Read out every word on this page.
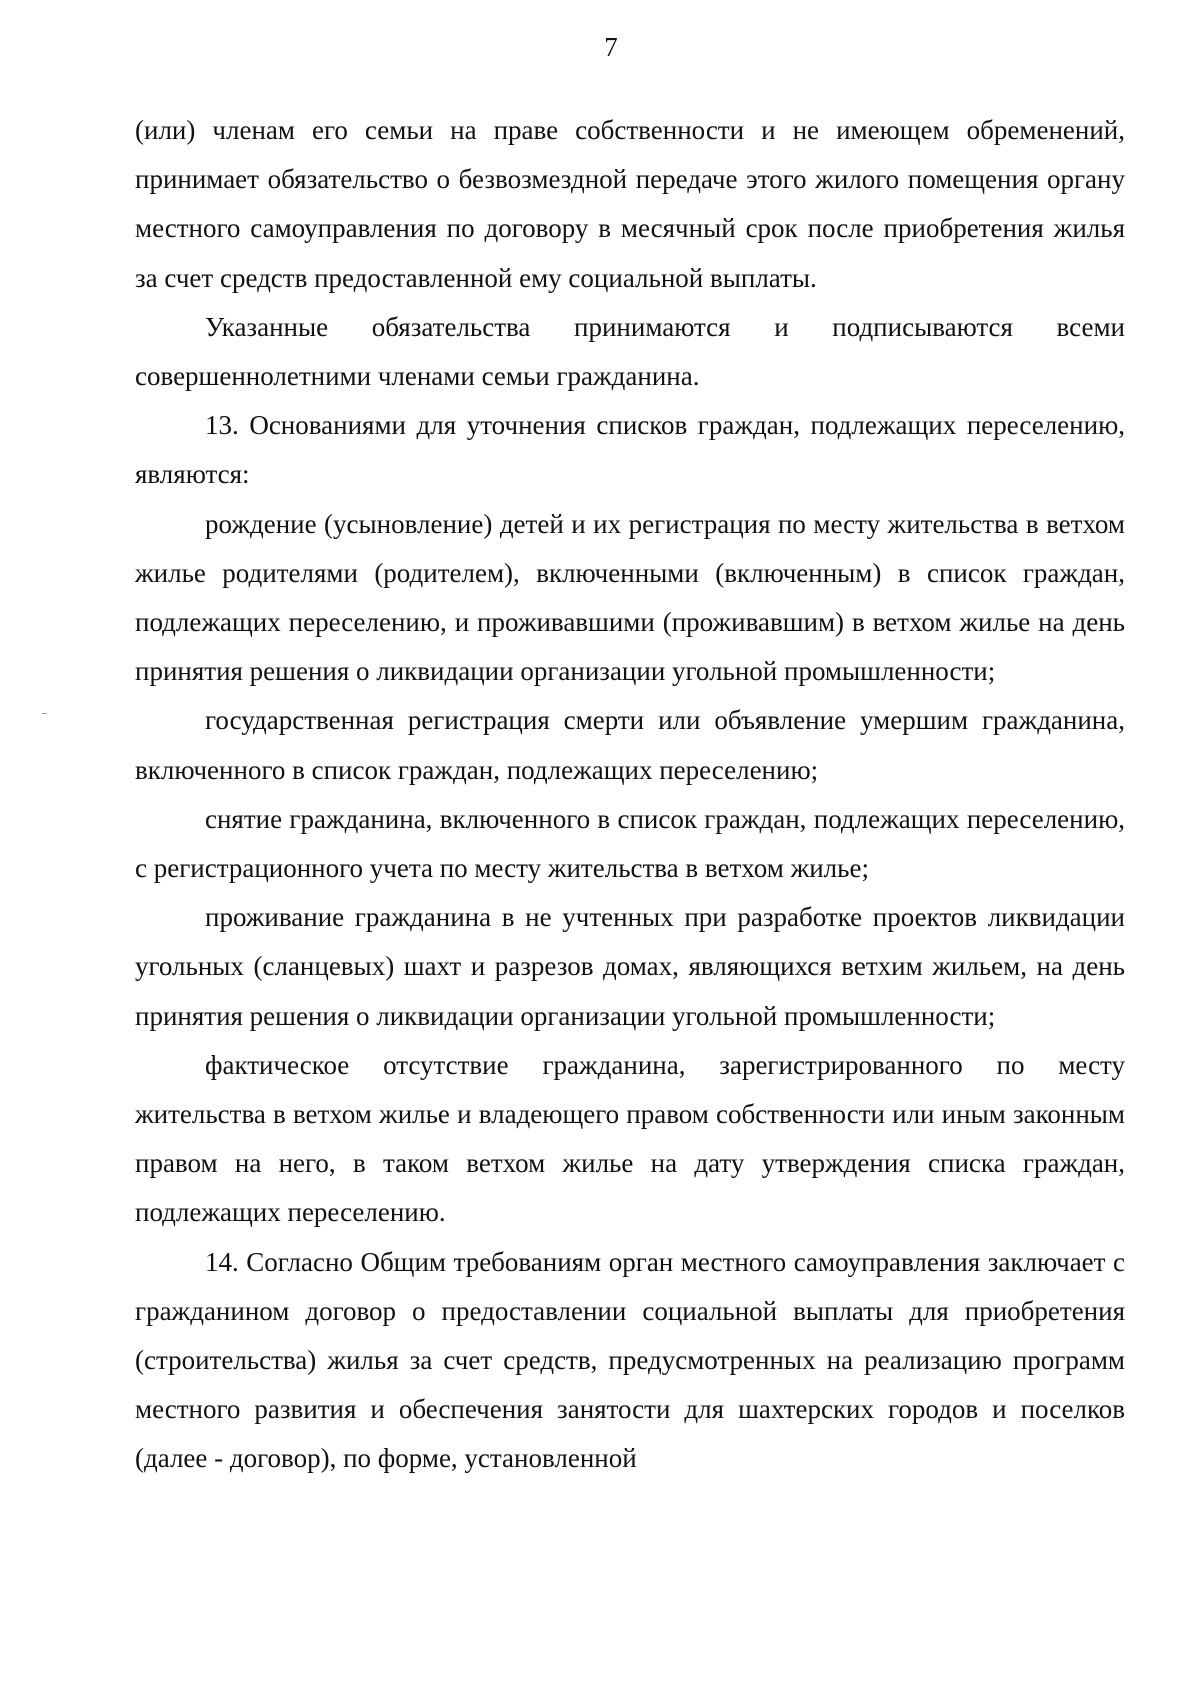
7

(или) членам его семьи на праве собственности и не имеющем обременений, принимает обязательство о безвозмездной передаче этого жилого помещения органу местного самоуправления по договору в месячный срок после приобретения жилья за счет средств предоставленной ему социальной выплаты.

Указанные обязательства принимаются и подписываются всеми совершеннолетними членами семьи гражданина.

13. Основаниями для уточнения списков граждан, подлежащих переселению, являются:

рождение (усыновление) детей и их регистрация по месту жительства в ветхом жилье родителями (родителем), включенными (включенным) в список граждан, подлежащих переселению, и проживавшими (проживавшим) в ветхом жилье на день принятия решения о ликвидации организации угольной промышленности;

государственная регистрация смерти или объявление умершим гражданина, включенного в список граждан, подлежащих переселению;

снятие гражданина, включенного в список граждан, подлежащих переселению, с регистрационного учета по месту жительства в ветхом жилье;

проживание гражданина в не учтенных при разработке проектов ликвидации угольных (сланцевых) шахт и разрезов домах, являющихся ветхим жильем, на день принятия решения о ликвидации организации угольной промышленности;

фактическое отсутствие гражданина, зарегистрированного по месту жительства в ветхом жилье и владеющего правом собственности или иным законным правом на него, в таком ветхом жилье на дату утверждения списка граждан, подлежащих переселению.

14. Согласно Общим требованиям орган местного самоуправления заключает с гражданином договор о предоставлении социальной выплаты для приобретения (строительства) жилья за счет средств, предусмотренных на реализацию программ местного развития и обеспечения занятости для шахтерских городов и поселков (далее - договор), по форме, установленной
